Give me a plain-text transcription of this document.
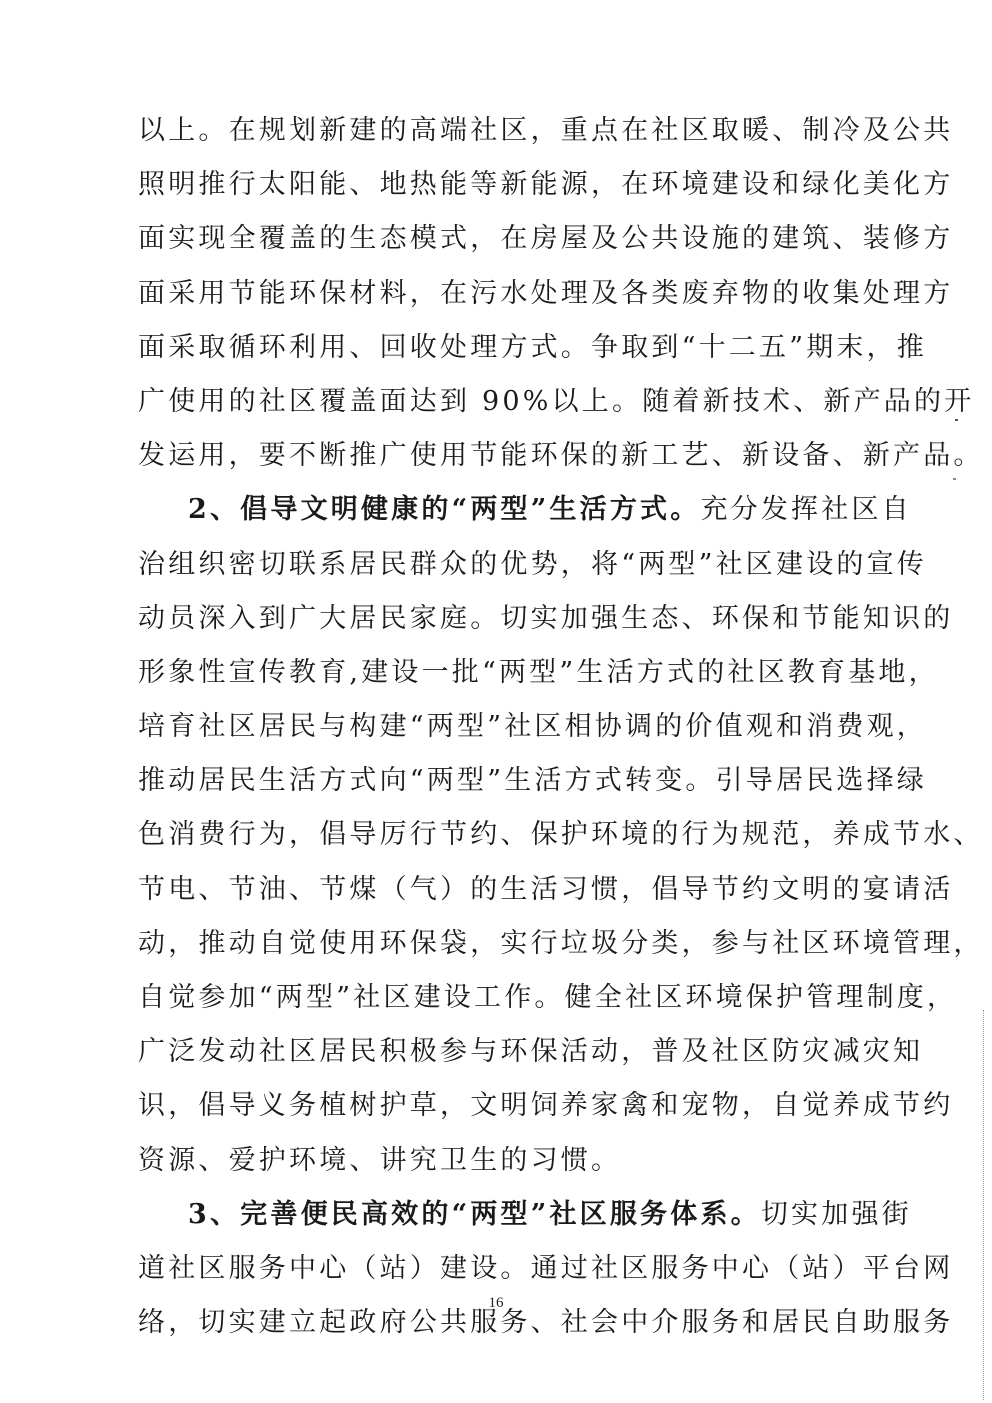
以上。在规划新建的高端社区，重点在社区取暖、制冷及公共
照明推行太阳能、地热能等新能源，在环境建设和绿化美化方
面实现全覆盖的生态模式，在房屋及公共设施的建筑、装修方
面采用节能环保材料，在污水处理及各类废弃物的收集处理方
面采取循环利用、回收处理方式。争取到“十二五”期末，推
广使用的社区覆盖面达到 90%以上。随着新技术、新产品的开
发运用，要不断推广使用节能环保的新工艺、新设备、新产品。
2、倡导文明健康的“两型”生活方式。充分发挥社区自
治组织密切联系居民群众的优势，将“两型”社区建设的宣传
动员深入到广大居民家庭。切实加强生态、环保和节能知识的
形象性宣传教育,建设一批“两型”生活方式的社区教育基地，
培育社区居民与构建“两型”社区相协调的价值观和消费观，
推动居民生活方式向“两型”生活方式转变。引导居民选择绿
色消费行为，倡导厉行节约、保护环境的行为规范，养成节水、
节电、节油、节煤（气）的生活习惯，倡导节约文明的宴请活
动，推动自觉使用环保袋，实行垃圾分类，参与社区环境管理，
自觉参加“两型”社区建设工作。健全社区环境保护管理制度，
广泛发动社区居民积极参与环保活动，普及社区防灾减灾知
识，倡导义务植树护草，文明饲养家禽和宠物，自觉养成节约
资源、爱护环境、讲究卫生的习惯。
3、完善便民高效的“两型”社区服务体系。切实加强街
道社区服务中心（站）建设。通过社区服务中心（站）平台网
络，切实建立起政府公共服务、社会中介服务和居民自助服务
16
